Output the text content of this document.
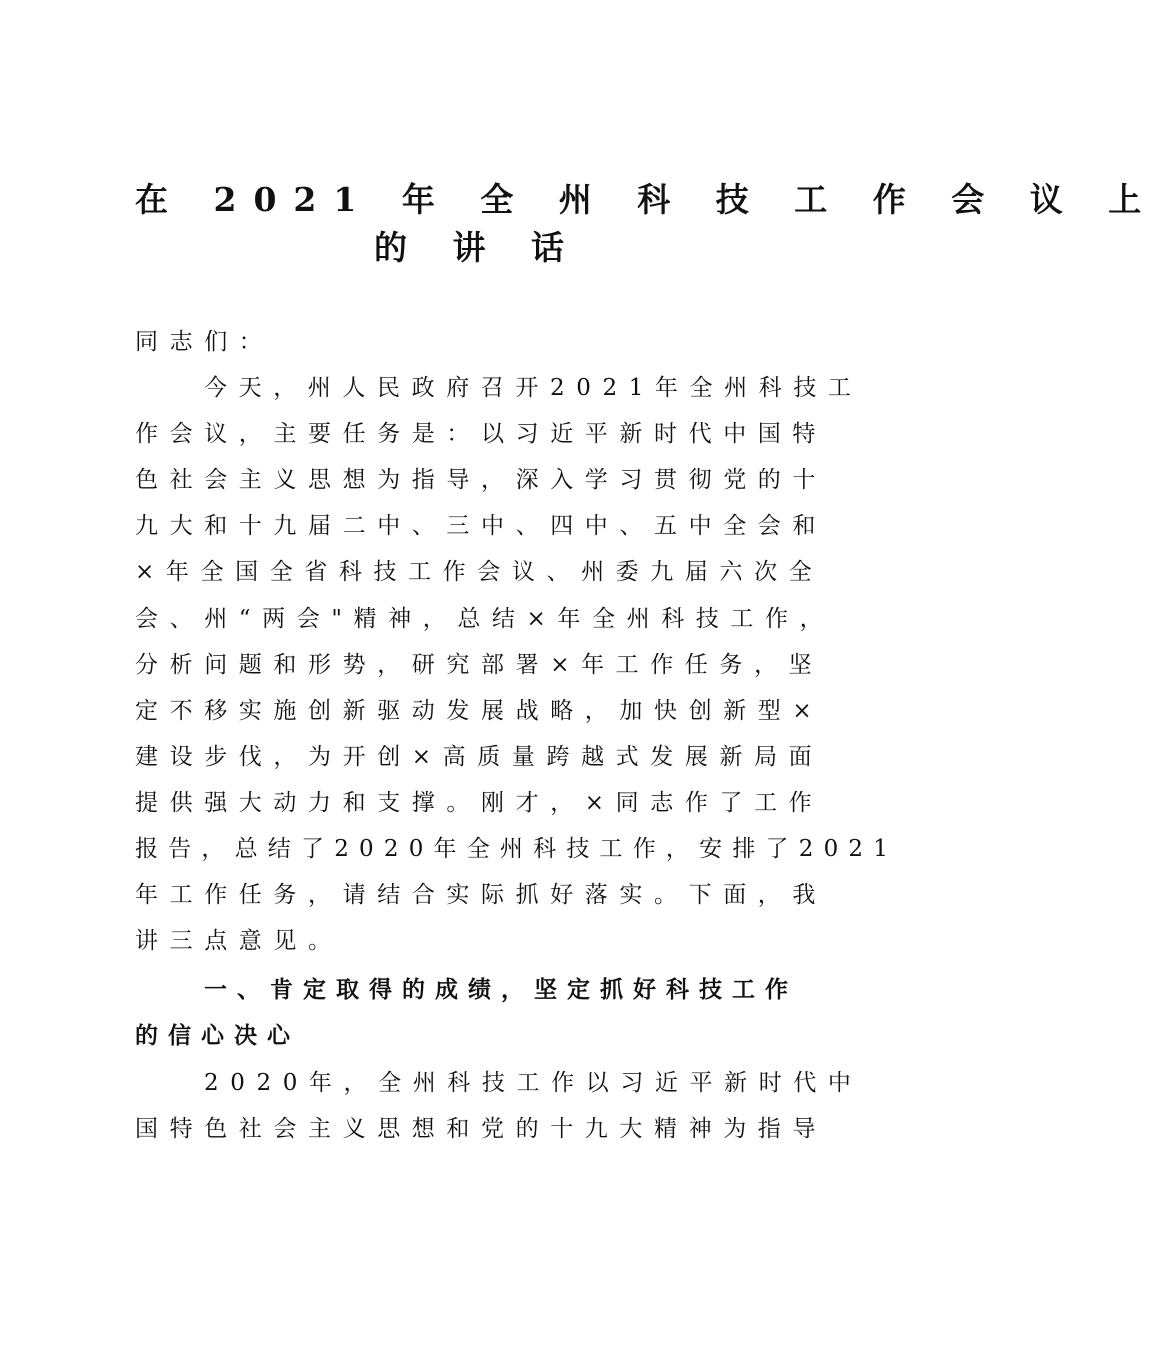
在 2021 年 全 州 科 技 工 作 会 议 上
的 讲 话
同志们：
今天，州人民政府召开2021年全州科技工
作会议，主要任务是：以习近平新时代中国特
色社会主义思想为指导，深入学习贯彻党的十
九大和十九届二中、三中、四中、五中全会和
×年全国全省科技工作会议、州委九届六次全
会、州“两会"精神，总结×年全州科技工作，
分析问题和形势，研究部署×年工作任务，坚
定不移实施创新驱动发展战略，加快创新型×
建设步伐，为开创×高质量跨越式发展新局面
提供强大动力和支撑。刚才，×同志作了工作
报告，总结了2020年全州科技工作，安排了2021
年工作任务，请结合实际抓好落实。下面，我
讲三点意见。
一、肯定取得的成绩，坚定抓好科技工作
的信心决心
2020年，全州科技工作以习近平新时代中
国特色社会主义思想和党的十九大精神为指导
